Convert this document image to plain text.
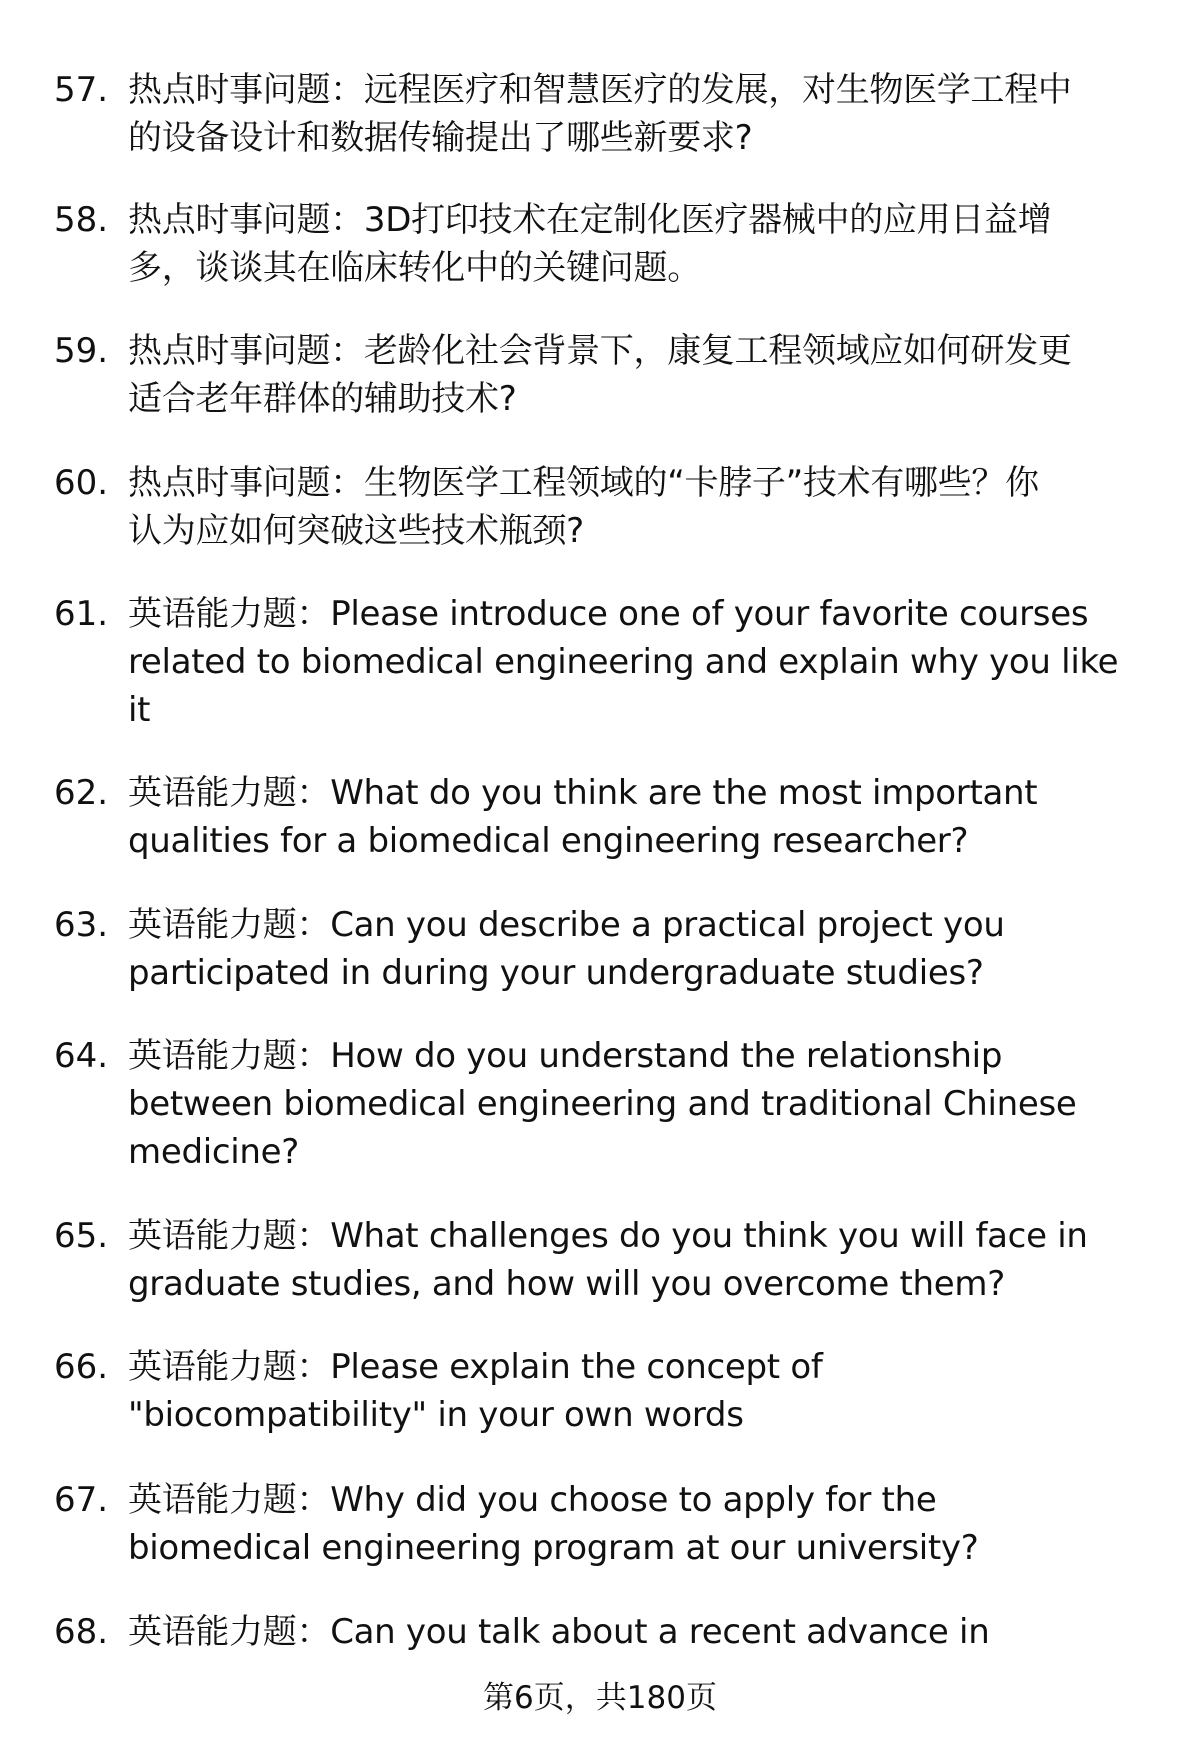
57. 热点时事问题：远程医疗和智慧医疗的发展，对生物医学工程中
的设备设计和数据传输提出了哪些新要求?
58. 热点时事问题：3D打印技术在定制化医疗器械中的应用日益增
多，谈谈其在临床转化中的关键问题。
59. 热点时事问题：老龄化社会背景下，康复工程领域应如何研发更
适合老年群体的辅助技术?
60. 热点时事问题：生物医学工程领域的“卡脖子”技术有哪些？你
认为应如何突破这些技术瓶颈?
61. 英语能力题：Please introduce one of your favorite courses
related to biomedical engineering and explain why you like
it
62. 英语能力题：What do you think are the most important
qualities for a biomedical engineering researcher?
63. 英语能力题：Can you describe a practical project you
participated in during your undergraduate studies?
64. 英语能力题：How do you understand the relationship
between biomedical engineering and traditional Chinese
medicine?
65. 英语能力题：What challenges do you think you will face in
graduate studies, and how will you overcome them?
66. 英语能力题：Please explain the concept of
"biocompatibility" in your own words
67. 英语能力题：Why did you choose to apply for the
biomedical engineering program at our university?
68. 英语能力题：Can you talk about a recent advance in
第6页，共180页
